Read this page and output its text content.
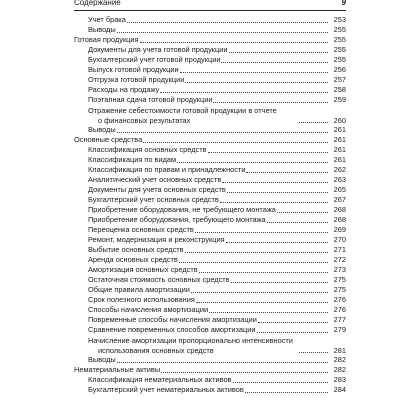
Содержание	9
Учет брака	253
Выводы	255
Готовая продукция	255
Документы для учета готовой продукции	255
Бухгалтерский учет готовой продукции	255
Выпуск готовой продукции	256
Отгрузка готовой продукции	257
Расходы на продажу	258
Поэтапная сдача готовой продукции	259
Отражение себестоимости готовой продукции в отчете
о финансовых результатах	260
Выводы	261
Основные средства	261
Классификация основных средств	261
Классификация по видам	261
Классификация по правам и принадлежности	262
Аналитический учет основных средств	263
Документы для учета основных средств	265
Бухгалтерский учет основных средств	267
Приобретение оборудования, не требующего монтажа	268
Приобретение оборудования, требующего монтажа	268
Переоценка основных средств	269
Ремонт, модернизация и реконструкция	270
Выбытие основных средств	271
Аренда основных средств	272
Амортизация основных средств	273
Остаточная стоимость основных средств	275
Общие правила амортизации	275
Срок полезного использования	276
Способы начисления амортизации	276
Повременные способы начисления амортизации	277
Сравнение повременных способов амортизации	279
Начисление амортизации пропорционально интенсивности
использования основных средств	281
Выводы	282
Нематериальные активы	282
Классификация нематериальных активов	283
Бухгалтерский учет нематериальных активов	284
